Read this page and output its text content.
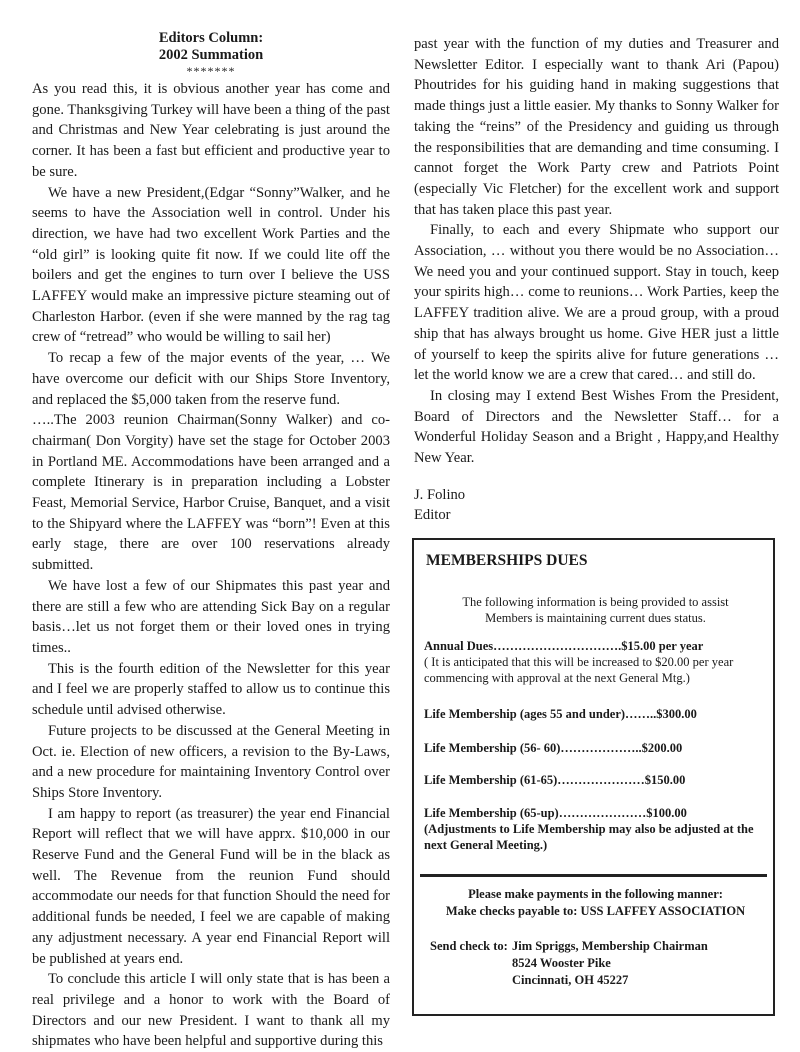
Editors Column:
2002 Summation
*******

As you read this, it is obvious another year has come and gone. Thanksgiving Turkey will have been a thing of the past and Christmas and New Year celebrating is just around the corner. It has been a fast but efficient and productive year to be sure.

We have a new President,(Edgar “Sonny”Walker, and he seems to have the Association well in control. Under his direction, we have had two excellent Work Parties and the “old girl” is looking quite fit now. If we could lite off the boilers and get the engines to turn over I believe the USS LAFFEY would make an impressive picture steaming out of Charleston Harbor. (even if she were manned by the rag tag crew of “retread” who would be willing to sail her)

To recap a few of the major events of the year, … We have overcome our deficit with our Ships Store Inventory, and replaced the $5,000 taken from the reserve fund.

…..The 2003 reunion Chairman(Sonny Walker) and co-chairman( Don Vorgity) have set the stage for October 2003 in Portland ME. Accommodations have been arranged and a complete Itinerary is in preparation including a Lobster Feast, Memorial Service, Harbor Cruise, Banquet, and a visit to the Shipyard where the LAFFEY was “born”! Even at this early stage, there are over 100 reservations already submitted.

We have lost a few of our Shipmates this past year and there are still a few who are attending Sick Bay on a regular basis…let us not forget them or their loved ones in trying times..

This is the fourth edition of the Newsletter for this year and I feel we are properly staffed to allow us to continue this schedule until advised otherwise.

Future projects to be discussed at the General Meeting in Oct. ie. Election of new officers, a revision to the By-Laws, and a new procedure for maintaining Inventory Control over Ships Store Inventory.

I am happy to report (as treasurer) the year end Financial Report will reflect that we will have apprx. $10,000 in our Reserve Fund and the General Fund will be in the black as well. The Revenue from the reunion Fund should accommodate our needs for that function Should the need for additional funds be needed, I feel we are capable of making any adjustment necessary. A year end Financial Report will be published at years end.

To conclude this article I will only state that is has been a real privilege and a honor to work with the Board of Directors and our new President. I want to thank all my shipmates who have been helpful and supportive during this

past year with the function of my duties and Treasurer and Newsletter Editor. I especially want to thank Ari (Papou) Phoutrides for his guiding hand in making suggestions that made things just a little easier. My thanks to Sonny Walker for taking the “reins” of the Presidency and guiding us through the responsibilities that are demanding and time consuming. I cannot forget the Work Party crew and Patriots Point (especially Vic Fletcher) for the excellent work and support that has taken place this past year.

Finally, to each and every Shipmate who support our Association, … without you there would be no Association… We need you and your continued support. Stay in touch, keep your spirits high… come to reunions… Work Parties, keep the LAFFEY tradition alive. We are a proud group, with a proud ship that has always brought us home. Give HER just a little of yourself to keep the spirits alive for future generations … let the world know we are a crew that cared… and still do.

In closing may I extend Best Wishes From the President, Board of Directors and the Newsletter Staff… for a Wonderful Holiday Season and a Bright , Happy,and Healthy New Year.

J. Folino
Editor
MEMBERSHIPS DUES
The following information is being provided to assist
Members is maintaining current dues status.
Annual Dues………………………….$15.00 per year
( It is anticipated that this will be increased to $20.00 per year commencing with approval at the next General Mtg.)
Life Membership (ages 55 and under)……..$300.00
Life Membership (56- 60)………………..$200.00
Life Membership (61-65)…………………$150.00
Life Membership (65-up)…………………$100.00
(Adjustments to Life Membership may also be adjusted at the next General Meeting.)
Please make payments in the following manner:
Make checks payable to: USS LAFFEY ASSOCIATION
Send check to: Jim Spriggs, Membership Chairman
8524 Wooster Pike
Cincinnati, OH 45227
